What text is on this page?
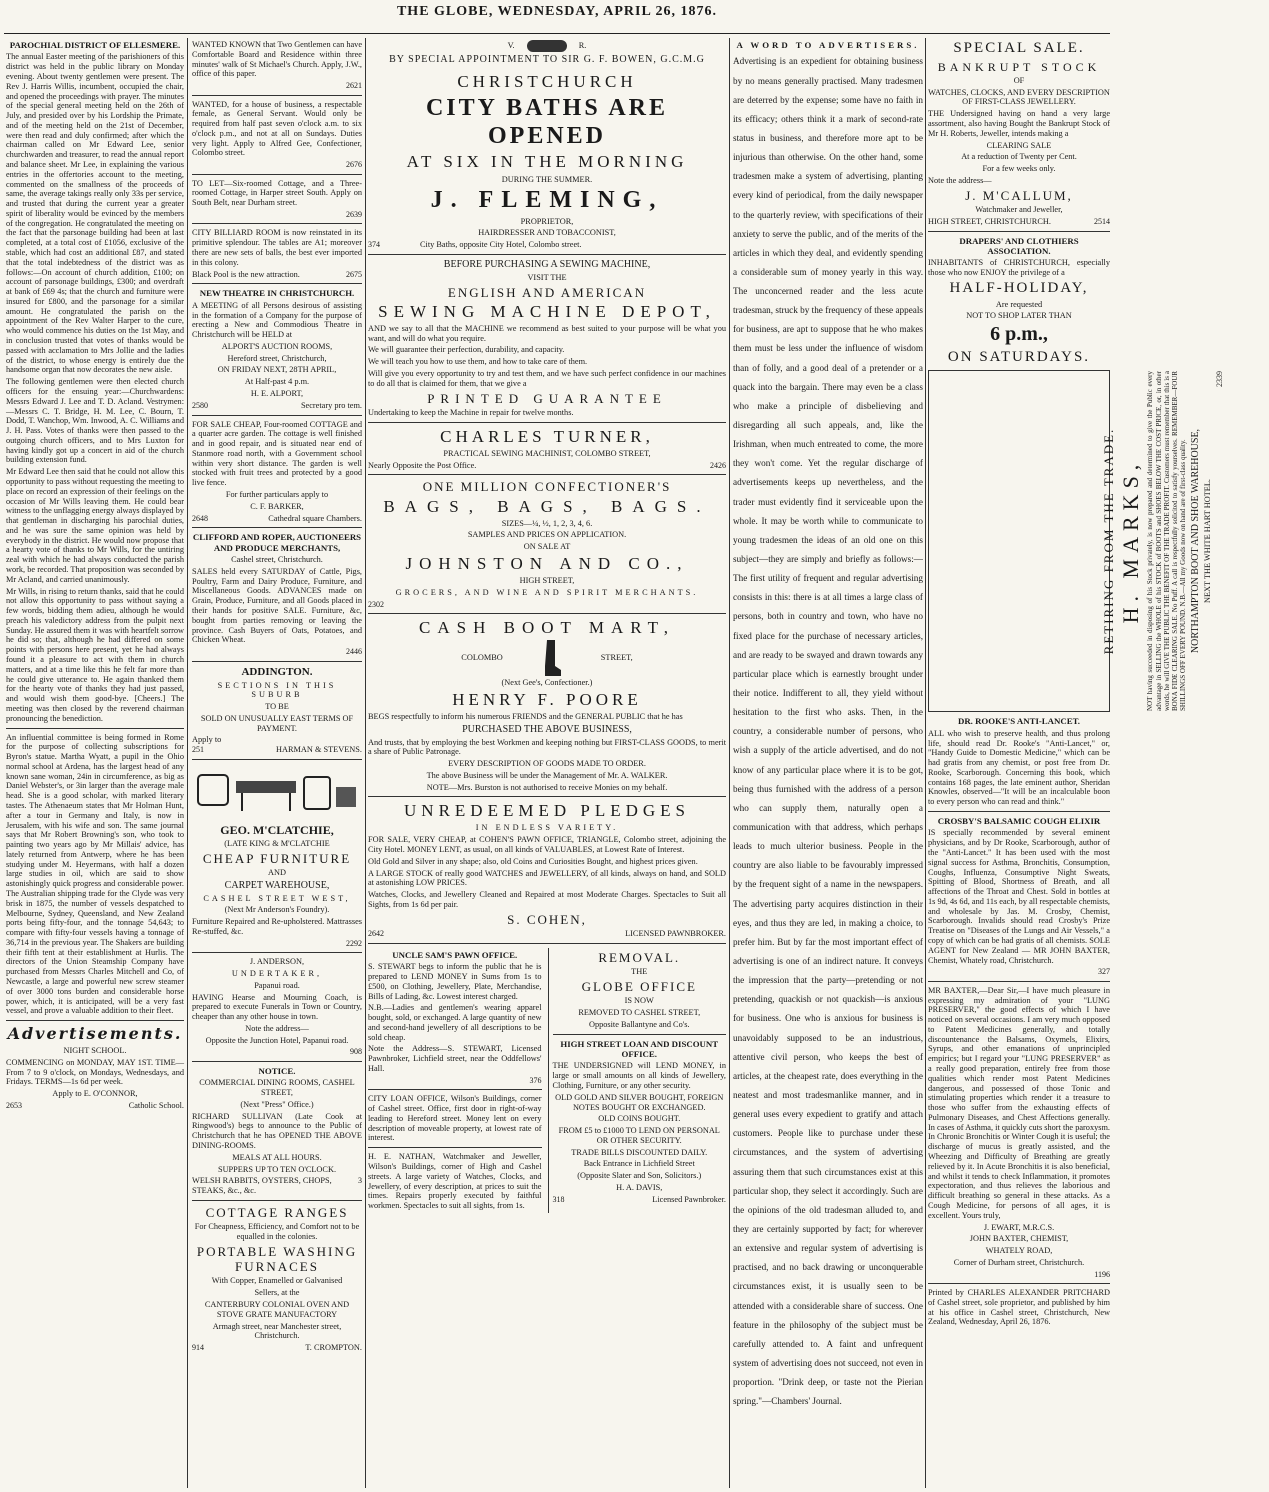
THE GLOBE, WEDNESDAY, APRIL 26, 1876.
PAROCHIAL DISTRICT OF ELLESMERE.

The annual Easter meeting of the parishioners of this district was held in the public library on Monday evening. About twenty gentlemen were present. The Rev J. Harris Willis, incumbent, occupied the chair, and opened the proceedings with prayer. The minutes of the special general meeting held on the 26th of July, and presided over by his Lordship the Primate, and of the meeting held on the 21st of December, were then read and duly confirmed; after which the chairman called on Mr Edward Lee, senior churchwarden and treasurer, to read the annual report and balance sheet. Mr Lee, in explaining the various entries in the offertories account to the meeting, commented on the smallness of the proceeds of same, the average takings really only 33s per service, and trusted that during the current year a greater spirit of liberality would be evinced by the members of the congregation. He congratulated the meeting on the fact that the parsonage building had been at last completed, at a total cost of £1056, exclusive of the stable, which had cost an additional £87, and stated that the total indebtedness of the district was as follows:—On account of church addition, £100; on account of parsonage buildings, £300; and overdraft at bank of £69 4s; that the church and furniture were insured for £800, and the parsonage for a similar amount. He congratulated the parish on the appointment of the Rev Walter Harper to the cure, who would commence his duties on the 1st May, and in conclusion trusted that votes of thanks would be passed with acclamation to Mrs Jollie and the ladies of the district, to whose energy is entirely due the handsome organ that now decorates the new aisle.

The following gentlemen were then elected church officers for the ensuing year:—Churchwardens: Messrs Edward J. Lee and T. D. Acland. Vestrymen:—Messrs C. T. Bridge, H. M. Lee, C. Bourn, T. Dodd, T. Wanchop, Wm. Inwood, A. C. Williams and J. H. Pass. Votes of thanks were then passed to the outgoing church officers, and to Mrs Luxton for having kindly got up a concert in aid of the church building extension fund.

Mr Edward Lee then said that he could not allow this opportunity to pass without requesting the meeting to place on record an expression of their feelings on the occasion of Mr Wills leaving them. He could bear witness to the unflagging energy always displayed by that gentleman in discharging his parochial duties, and he was sure the same opinion was held by everybody in the district. He would now propose that a hearty vote of thanks to Mr Wills, for the untiring zeal with which he had always conducted the parish work, be recorded. That proposition was seconded by Mr Acland, and carried unanimously.

Mr Wills, in rising to return thanks, said that he could not allow this opportunity to pass without saying a few words, bidding them adieu, although he would preach his valedictory address from the pulpit next Sunday. He assured them it was with heartfelt sorrow he did so; that, although he had differed on some points with persons here present, yet he had always found it a pleasure to act with them in church matters, and at a time like this he felt far more than he could give utterance to. He again thanked them for the hearty vote of thanks they had just passed, and would wish them good-bye. [Cheers.] The meeting was then closed by the reverend chairman pronouncing the benediction.

An influential committee is being formed in Rome for the purpose of collecting subscriptions for Byron's statue. Martha Wyatt, a pupil in the Ohio normal school at Ardena, has the largest head of any known sane woman, 24in in circumference, as big as Daniel Webster's, or 3in larger than the average male head. She is a good scholar, with marked literary tastes. The Athenaeum states that Mr Holman Hunt, after a tour in Germany and Italy, is now in Jerusalem, with his wife and son. The same journal says that Mr Robert Browning's son, who took to painting two years ago by Mr Millais' advice, has lately returned from Antwerp, where he has been studying under M. Heyermans, with half a dozen large studies in oil, which are said to show astonishingly quick progress and considerable power. The Australian shipping trade for the Clyde was very brisk in 1875, the number of vessels despatched to Melbourne, Sydney, Queensland, and New Zealand ports being fifty-four, and the tonnage 54,643; to compare with fifty-four vessels having a tonnage of 36,714 in the previous year. The Shakers are building their fifth tent at their establishment at Hurlis. The directors of the Union Steamship Company have purchased from Messrs Charles Mitchell and Co, of Newcastle, a large and powerful new screw steamer of over 3000 tons burden and considerable horse power, which, it is anticipated, will be a very fast vessel, and prove a valuable addition to their fleet.

Advertisements.
NIGHT SCHOOL.

COMMENCING on MONDAY, MAY 1ST. TIME—From 7 to 9 o'clock, on Mondays, Wednesdays, and Fridays. TERMS—1s 6d per week.

Apply to E. O'CONNOR,
2653	Catholic School.

WANTED KNOWN that Two Gentlemen can have Comfortable Board and Residence within three minutes' walk of St Michael's Church. Apply, J.W., office of this paper.

2621

WANTED, for a house of business, a respectable female, as General Servant. Would only be required from half past seven o'clock a.m. to six o'clock p.m., and not at all on Sundays. Duties very light. Apply to Alfred Gee, Confectioner, Colombo street.

2676

TO LET—Six-roomed Cottage, and a Three-roomed Cottage, in Harper street South. Apply on South Belt, near Durham street.

2639

CITY BILLIARD ROOM is now reinstated in its primitive splendour. The tables are A1; moreover there are new sets of balls, the best ever imported in this colony.

Black Pool is the new attraction.	2675
NEW THEATRE IN CHRISTCHURCH.

A MEETING of all Persons desirous of assisting in the formation of a Company for the purpose of erecting a New and Commodious Theatre in Christchurch will be HELD at

ALPORT'S AUCTION ROOMS,
Hereford street, Christchurch,
ON FRIDAY NEXT, 28TH APRIL,
At Half-past 4 p.m.
H. E. ALPORT,
2580	Secretary pro tem.

FOR SALE CHEAP, Four-roomed COTTAGE and a quarter acre garden. The cottage is well finished and in good repair, and is situated near end of Stanmore road north, with a Government school within very short distance. The garden is well stocked with fruit trees and protected by a good live fence.

For further particulars apply to
C. F. BARKER,
2648	Cathedral square Chambers.
CLIFFORD AND ROPER, AUCTIONEERS AND PRODUCE MERCHANTS,
Cashel street, Christchurch.

SALES held every SATURDAY of Cattle, Pigs, Poultry, Farm and Dairy Produce, Furniture, and Miscellaneous Goods. ADVANCES made on Grain, Produce, Furniture, and all Goods placed in their hands for positive SALE. Furniture, &c, bought from parties removing or leaving the province. Cash Buyers of Oats, Potatoes, and Chicken Wheat.

2446
ADDINGTON.
SECTIONS IN THIS SUBURB
TO BE
SOLD ON UNUSUALLY EAST TERMS OF PAYMENT.
Apply to
251	HARMAN & STEVENS.
GEO. M'CLATCHIE,
(LATE KING & M'CLATCHIE
CHEAP FURNITURE
AND
CARPET WAREHOUSE,
CASHEL STREET WEST,
(Next Mr Anderson's Foundry).

Furniture Repaired and Re-upholstered. Mattrasses Re-stuffed, &c.

2292
J. ANDERSON,
UNDERTAKER,
Papanui road.

HAVING Hearse and Mourning Coach, is prepared to execute Funerals in Town or Country, cheaper than any other house in town.

Note the address—
Opposite the Junction Hotel, Papanui road.
908
NOTICE.
COMMERCIAL DINING ROOMS, CASHEL STREET,
(Next "Press" Office.)

RICHARD SULLIVAN (Late Cook at Ringwood's) begs to announce to the Public of Christchurch that he has OPENED THE ABOVE DINING-ROOMS.

MEALS AT ALL HOURS.
SUPPERS UP TO TEN O'CLOCK.
WELSH RABBITS, OYSTERS, CHOPS, STEAKS, &c., &c.
3
COTTAGE RANGES
For Cheapness, Efficiency, and Comfort not to be equalled in the colonies.
PORTABLE WASHING FURNACES
With Copper, Enamelled or Galvanised
Sellers, at the
CANTERBURY COLONIAL OVEN AND STOVE GRATE MANUFACTORY
Armagh street, near Manchester street, Christchurch.
914	T. CROMPTON.
V.	R.
BY SPECIAL APPOINTMENT TO SIR G. F. BOWEN, G.C.M.G
CHRISTCHURCH
CITY BATHS ARE OPENED
AT SIX IN THE MORNING
DURING THE SUMMER.
J. FLEMING,
PROPRIETOR,
HAIRDRESSER AND TOBACCONIST,
374	City Baths, opposite City Hotel, Colombo street.
BEFORE PURCHASING A SEWING MACHINE,
VISIT THE
ENGLISH AND AMERICAN
SEWING MACHINE DEPOT,

AND we say to all that the MACHINE we recommend as best suited to your purpose will be what you want, and will do what you require.

We will guarantee their perfection, durability, and capacity.

We will teach you how to use them, and how to take care of them.

Will give you every opportunity to try and test them, and we have such perfect confidence in our machines to do all that is claimed for them, that we give a

PRINTED GUARANTEE
Undertaking to keep the Machine in repair for twelve months.
CHARLES TURNER,
PRACTICAL SEWING MACHINIST, COLOMBO STREET,
Nearly Opposite the Post Office.	2426
ONE MILLION CONFECTIONER'S
BAGS, BAGS, BAGS.
SIZES—¼, ½, 1, 2, 3, 4, 6.
SAMPLES AND PRICES ON APPLICATION.
ON SALE AT
JOHNSTON AND CO.,
HIGH STREET,
GROCERS, AND WINE AND SPIRIT MERCHANTS.
2302
CASH BOOT MART,
COLOMBO	STREET,
(Next Gee's, Confectioner.)
HENRY F. POORE

BEGS respectfully to inform his numerous FRIENDS and the GENERAL PUBLIC that he has

PURCHASED THE ABOVE BUSINESS,

And trusts, that by employing the best Workmen and keeping nothing but FIRST-CLASS GOODS, to merit a share of Public Patronage.

EVERY DESCRIPTION OF GOODS MADE TO ORDER.
The above Business will be under the Management of Mr. A. WALKER.
NOTE—Mrs. Burston is not authorised to receive Monies on my behalf.
UNREDEEMED PLEDGES
IN ENDLESS VARIETY.

FOR SALE, VERY CHEAP, at COHEN'S PAWN OFFICE, TRIANGLE, Colombo street, adjoining the City Hotel. MONEY LENT, as usual, on all kinds of VALUABLES, at Lowest Rate of Interest.

Old Gold and Silver in any shape; also, old Coins and Curiosities Bought, and highest prices given.

A LARGE STOCK of really good WATCHES and JEWELLERY, of all kinds, always on hand, and SOLD at astonishing LOW PRICES.

Watches, Clocks, and Jewellery Cleaned and Repaired at most Moderate Charges. Spectacles to Suit all Sights, from 1s 6d per pair.

S. COHEN,
2642	LICENSED PAWNBROKER.
UNCLE SAM'S PAWN OFFICE.

S. STEWART begs to inform the public that he is prepared to LEND MONEY in Sums from 1s to £500, on Clothing, Jewellery, Plate, Merchandise, Bills of Lading, &c. Lowest interest charged.

N.B.—Ladies and gentlemen's wearing apparel bought, sold, or exchanged. A large quantity of new and second-hand jewellery of all descriptions to be sold cheap.

Note the Address—S. STEWART, Licensed Pawnbroker, Lichfield street, near the Oddfellows' Hall.

376

CITY LOAN OFFICE, Wilson's Buildings, corner of Cashel street. Office, first door in right-of-way leading to Hereford street. Money lent on every description of moveable property, at lowest rate of interest.

H. E. NATHAN, Watchmaker and Jeweller, Wilson's Buildings, corner of High and Cashel streets. A large variety of Watches, Clocks, and Jewellery, of every description, at prices to suit the times. Repairs properly executed by faithful workmen. Spectacles to suit all sights, from 1s.

REMOVAL.
THE
GLOBE OFFICE
IS NOW
REMOVED TO CASHEL STREET,
Opposite Ballantyne and Co's.
HIGH STREET LOAN AND DISCOUNT OFFICE.

THE UNDERSIGNED will LEND MONEY, in large or small amounts on all kinds of Jewellery, Clothing, Furniture, or any other security.

OLD GOLD AND SILVER BOUGHT, FOREIGN NOTES BOUGHT OR EXCHANGED.
OLD COINS BOUGHT.
FROM £5 to £1000 TO LEND ON PERSONAL OR OTHER SECURITY.
TRADE BILLS DISCOUNTED DAILY.
Back Entrance in Lichfield Street
(Opposite Slater and Son, Solicitors.)
H. A. DAVIS,
318	Licensed Pawnbroker.
A WORD TO ADVERTISERS.

Advertising is an expedient for obtaining business by no means generally practised. Many tradesmen are deterred by the expense; some have no faith in its efficacy; others think it a mark of second-rate status in business, and therefore more apt to be injurious than otherwise. On the other hand, some tradesmen make a system of advertising, planting every kind of periodical, from the daily newspaper to the quarterly review, with specifications of their anxiety to serve the public, and of the merits of the articles in which they deal, and evidently spending a considerable sum of money yearly in this way. The unconcerned reader and the less acute tradesman, struck by the frequency of these appeals for business, are apt to suppose that he who makes them must be less under the influence of wisdom than of folly, and a good deal of a pretender or a quack into the bargain. There may even be a class who make a principle of disbelieving and disregarding all such appeals, and, like the Irishman, when much entreated to come, the more they won't come. Yet the regular discharge of advertisements keeps up nevertheless, and the trader must evidently find it serviceable upon the whole. It may be worth while to communicate to young tradesmen the ideas of an old one on this subject—they are simply and briefly as follows:—The first utility of frequent and regular advertising consists in this: there is at all times a large class of persons, both in country and town, who have no fixed place for the purchase of necessary articles, and are ready to be swayed and drawn towards any particular place which is earnestly brought under their notice. Indifferent to all, they yield without hesitation to the first who asks. Then, in the country, a considerable number of persons, who wish a supply of the article advertised, and do not know of any particular place where it is to be got, being thus furnished with the address of a person who can supply them, naturally open a communication with that address, which perhaps leads to much ulterior business. People in the country are also liable to be favourably impressed by the frequent sight of a name in the newspapers. The advertising party acquires distinction in their eyes, and thus they are led, in making a choice, to prefer him. But by far the most important effect of advertising is one of an indirect nature. It conveys the impression that the party—pretending or not pretending, quackish or not quackish—is anxious for business. One who is anxious for business is unavoidably supposed to be an industrious, attentive civil person, who keeps the best of articles, at the cheapest rate, does everything in the neatest and most tradesmanlike manner, and in general uses every expedient to gratify and attach customers. People like to purchase under these circumstances, and the system of advertising assuring them that such circumstances exist at this particular shop, they select it accordingly. Such are the opinions of the old tradesman alluded to, and they are certainly supported by fact; for wherever an extensive and regular system of advertising is practised, and no back drawing or unconquerable circumstances exist, it is usually seen to be attended with a considerable share of success. One feature in the philosophy of the subject must be carefully attended to. A faint and unfrequent system of advertising does not succeed, not even in proportion. "Drink deep, or taste not the Pierian spring."—Chambers' Journal.

SPECIAL SALE.
BANKRUPT STOCK
OF
WATCHES, CLOCKS, AND EVERY DESCRIPTION OF FIRST-CLASS JEWELLERY.

THE Undersigned having on hand a very large assortment, also having Bought the Bankrupt Stock of Mr H. Roberts, Jeweller, intends making a

CLEARING SALE
At a reduction of Twenty per Cent.
For a few weeks only.
Note the address—
J. M'CALLUM,
Watchmaker and Jeweller,
HIGH STREET, CHRISTCHURCH.	2514
DRAPERS' AND CLOTHIERS ASSOCIATION.

INHABITANTS of CHRISTCHURCH, especially those who now ENJOY the privilege of a

HALF-HOLIDAY,
Are requested
NOT TO SHOP LATER THAN
6 p.m.,
ON SATURDAYS.
RETIRING FROM THE TRADE. H. MARKS, NOT having succeeded in disposing of his Stock privately, is now prepared and determined to give the Public every advantage in SELLING the WHOLE of his STOCK of BOOTS and SHOES BELOW THE COST PRICE, or, in other words, he will GIVE THE PUBLIC THE BENEFIT OF THE TRADE PROFIT. Customers must remember that this is a BONA FIDE CLEARING SALE. No Puff. A call is respectfully solicited to satisfy yourselves. REMEMBER—FOUR SHILLINGS OFF EVERY POUND. N.B.—All my Goods now on hand are of first-class quality. NORTHAMPTON BOOT AND SHOE WAREHOUSE, NEXT THE WHITE HART HOTEL.
2339
DR. ROOKE'S ANTI-LANCET.

ALL who wish to preserve health, and thus prolong life, should read Dr. Rooke's "Anti-Lancet," or, "Handy Guide to Domestic Medicine," which can be had gratis from any chemist, or post free from Dr. Rooke, Scarborough. Concerning this book, which contains 168 pages, the late eminent author, Sheridan Knowles, observed—"It will be an incalculable boon to every person who can read and think."

CROSBY'S BALSAMIC COUGH ELIXIR

IS specially recommended by several eminent physicians, and by Dr Rooke, Scarborough, author of the "Anti-Lancet." It has been used with the most signal success for Asthma, Bronchitis, Consumption, Coughs, Influenza, Consumptive Night Sweats, Spitting of Blood, Shortness of Breath, and all affections of the Throat and Chest. Sold in bottles at 1s 9d, 4s 6d, and 11s each, by all respectable chemists, and wholesale by Jas. M. Crosby, Chemist, Scarborough. Invalids should read Crosby's Prize Treatise on "Diseases of the Lungs and Air Vessels," a copy of which can be had gratis of all chemists. SOLE AGENT for New Zealand — MR JOHN BAXTER, Chemist, Whately road, Christchurch.

327

MR BAXTER,—Dear Sir,—I have much pleasure in expressing my admiration of your "LUNG PRESERVER," the good effects of which I have noticed on several occasions. I am very much opposed to Patent Medicines generally, and totally discountenance the Balsams, Oxymels, Elixirs, Syrups, and other emanations of unprincipled empirics; but I regard your "LUNG PRESERVER" as a really good preparation, entirely free from those qualities which render most Patent Medicines dangerous, and possessed of those Tonic and stimulating properties which render it a treasure to those who suffer from the exhausting effects of Pulmonary Diseases, and Chest Affections generally. In cases of Asthma, it quickly cuts short the paroxysm. In Chronic Bronchitis or Winter Cough it is useful; the discharge of mucus is greatly assisted, and the Wheezing and Difficulty of Breathing are greatly relieved by it. In Acute Bronchitis it is also beneficial, and whilst it tends to check Inflammation, it promotes expectoration, and thus relieves the laborious and difficult breathing so general in these attacks. As a Cough Medicine, for persons of all ages, it is excellent. Yours truly,

J. EWART, M.R.C.S.
JOHN BAXTER, CHEMIST,
WHATELY ROAD,
Corner of Durham street, Christchurch.
1196

Printed by CHARLES ALEXANDER PRITCHARD of Cashel street, sole proprietor, and published by him at his office in Cashel street, Christchurch, New Zealand, Wednesday, April 26, 1876.
